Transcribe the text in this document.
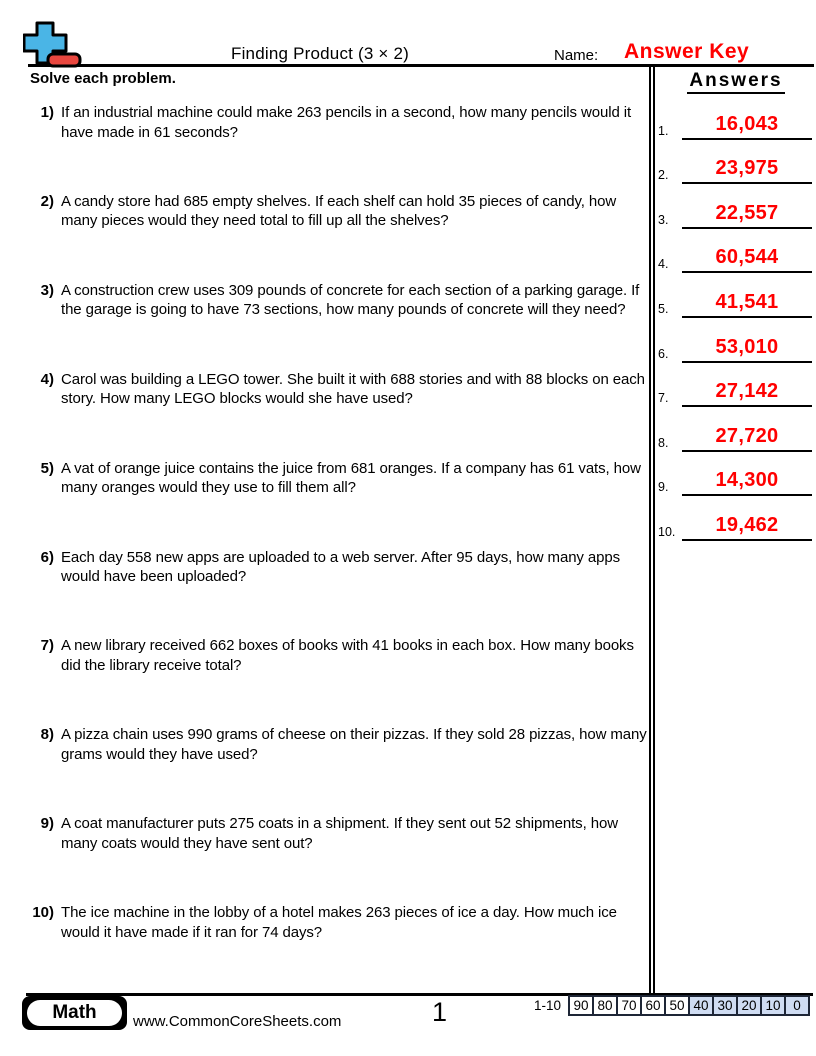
Finding Product (3 × 2)	Name: Answer Key
Solve each problem.
1) If an industrial machine could make 263 pencils in a second, how many pencils would it have made in 61 seconds?
2) A candy store had 685 empty shelves. If each shelf can hold 35 pieces of candy, how many pieces would they need total to fill up all the shelves?
3) A construction crew uses 309 pounds of concrete for each section of a parking garage. If the garage is going to have 73 sections, how many pounds of concrete will they need?
4) Carol was building a LEGO tower. She built it with 688 stories and with 88 blocks on each story. How many LEGO blocks would she have used?
5) A vat of orange juice contains the juice from 681 oranges. If a company has 61 vats, how many oranges would they use to fill them all?
6) Each day 558 new apps are uploaded to a web server. After 95 days, how many apps would have been uploaded?
7) A new library received 662 boxes of books with 41 books in each box. How many books did the library receive total?
8) A pizza chain uses 990 grams of cheese on their pizzas. If they sold 28 pizzas, how many grams would they have used?
9) A coat manufacturer puts 275 coats in a shipment. If they sent out 52 shipments, how many coats would they have sent out?
10) The ice machine in the lobby of a hotel makes 263 pieces of ice a day. How much ice would it have made if it ran for 74 days?
Answers
1.	16,043
2.	23,975
3.	22,557
4.	60,544
5.	41,541
6.	53,010
7.	27,142
8.	27,720
9.	14,300
10.	19,462
Math	www.CommonCoreSheets.com	1	1-10 90 80 70 60 50 40 30 20 10 0
